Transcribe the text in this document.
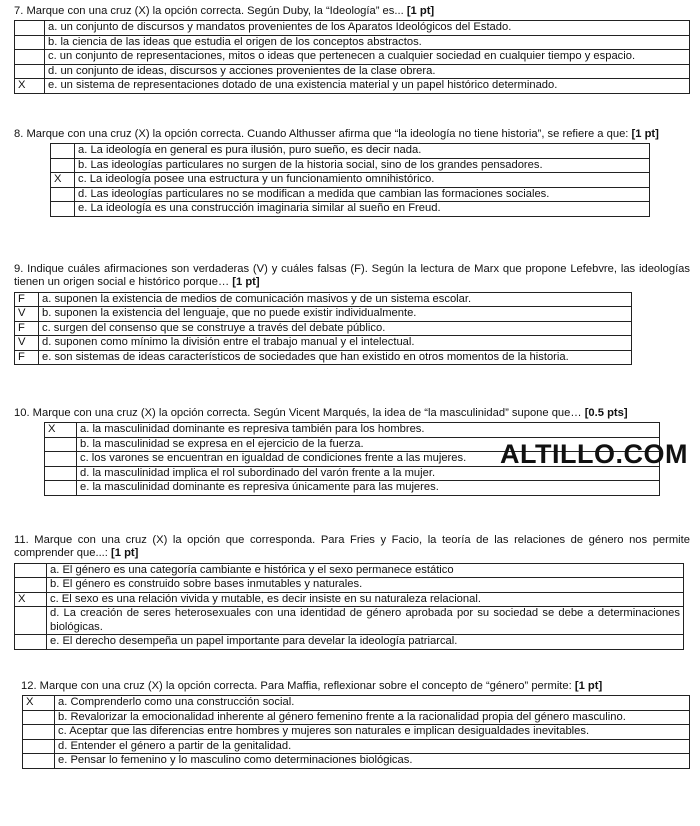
7. Marque con una cruz (X) la opción correcta. Según Duby, la “Ideología” es... [1 pt]

	a. un conjunto de discursos y mandatos provenientes de los Aparatos Ideológicos del Estado.
	b. la ciencia de las ideas que estudia el origen de los conceptos abstractos.
	c. un conjunto de representaciones, mitos o ideas que pertenecen a cualquier sociedad en cualquier tiempo y espacio.
	d. un conjunto de ideas, discursos y acciones provenientes de la clase obrera.
X	e. un sistema de representaciones dotado de una existencia material y un papel histórico determinado.

8. Marque con una cruz (X) la opción correcta. Cuando Althusser afirma que “la ideología no tiene historia”, se refiere a que: [1 pt]

	a. La ideología en general es pura ilusión, puro sueño, es decir nada.
	b. Las ideologías particulares no surgen de la historia social, sino de los grandes pensadores.
X	c. La ideología posee una estructura y un funcionamiento omnihistórico.
	d. Las ideologías particulares no se modifican a medida que cambian las formaciones sociales.
	e. La ideología es una construcción imaginaria similar al sueño en Freud.

9. Indique cuáles afirmaciones son verdaderas (V) y cuáles falsas (F). Según la lectura de Marx que propone Lefebvre, las ideologías tienen un origen social e histórico porque… [1 pt]

F	a. suponen la existencia de medios de comunicación masivos y de un sistema escolar.
V	b. suponen la existencia del lenguaje, que no puede existir individualmente.
F	c. surgen del consenso que se construye a través del debate público.
V	d. suponen como mínimo la división entre el trabajo manual y el intelectual.
F	e. son sistemas de ideas característicos de sociedades que han existido en otros momentos de la historia.

10. Marque con una cruz (X) la opción correcta. Según Vicent Marqués, la idea de “la masculinidad” supone que… [0.5 pts]

X	a. la masculinidad dominante es represiva también para los hombres.
	b. la masculinidad se expresa en el ejercicio de la fuerza.
	c. los varones se encuentran en igualdad de condiciones frente a las mujeres.
	d. la masculinidad implica el rol subordinado del varón frente a la mujer.
	e. la masculinidad dominante es represiva únicamente para las mujeres.

11. Marque con una cruz (X) la opción que corresponda. Para Fries y Facio, la teoría de las relaciones de género nos permite comprender que...: [1 pt]

	a. El género es una categoría cambiante e histórica y el sexo permanece estático
	b. El género es construido sobre bases inmutables y naturales.
X	c. El sexo es una relación vivida y mutable, es decir insiste en su naturaleza relacional.
	d. La creación de seres heterosexuales con una identidad de género aprobada por su sociedad se debe a determinaciones biológicas.
	e. El derecho desempeña un papel importante para develar la ideología patriarcal.

12. Marque con una cruz (X) la opción correcta. Para Maffia, reflexionar sobre el concepto de “género” permite: [1 pt]

X	a. Comprenderlo como una construcción social.
	b. Revalorizar la emocionalidad inherente al género femenino frente a la racionalidad propia del género masculino.
	c. Aceptar que las diferencias entre hombres y mujeres son naturales e implican desigualdades inevitables.
	d. Entender el género a partir de la genitalidad.
	e. Pensar lo femenino y lo masculino como determinaciones biológicas.
ALTILLO.COM
